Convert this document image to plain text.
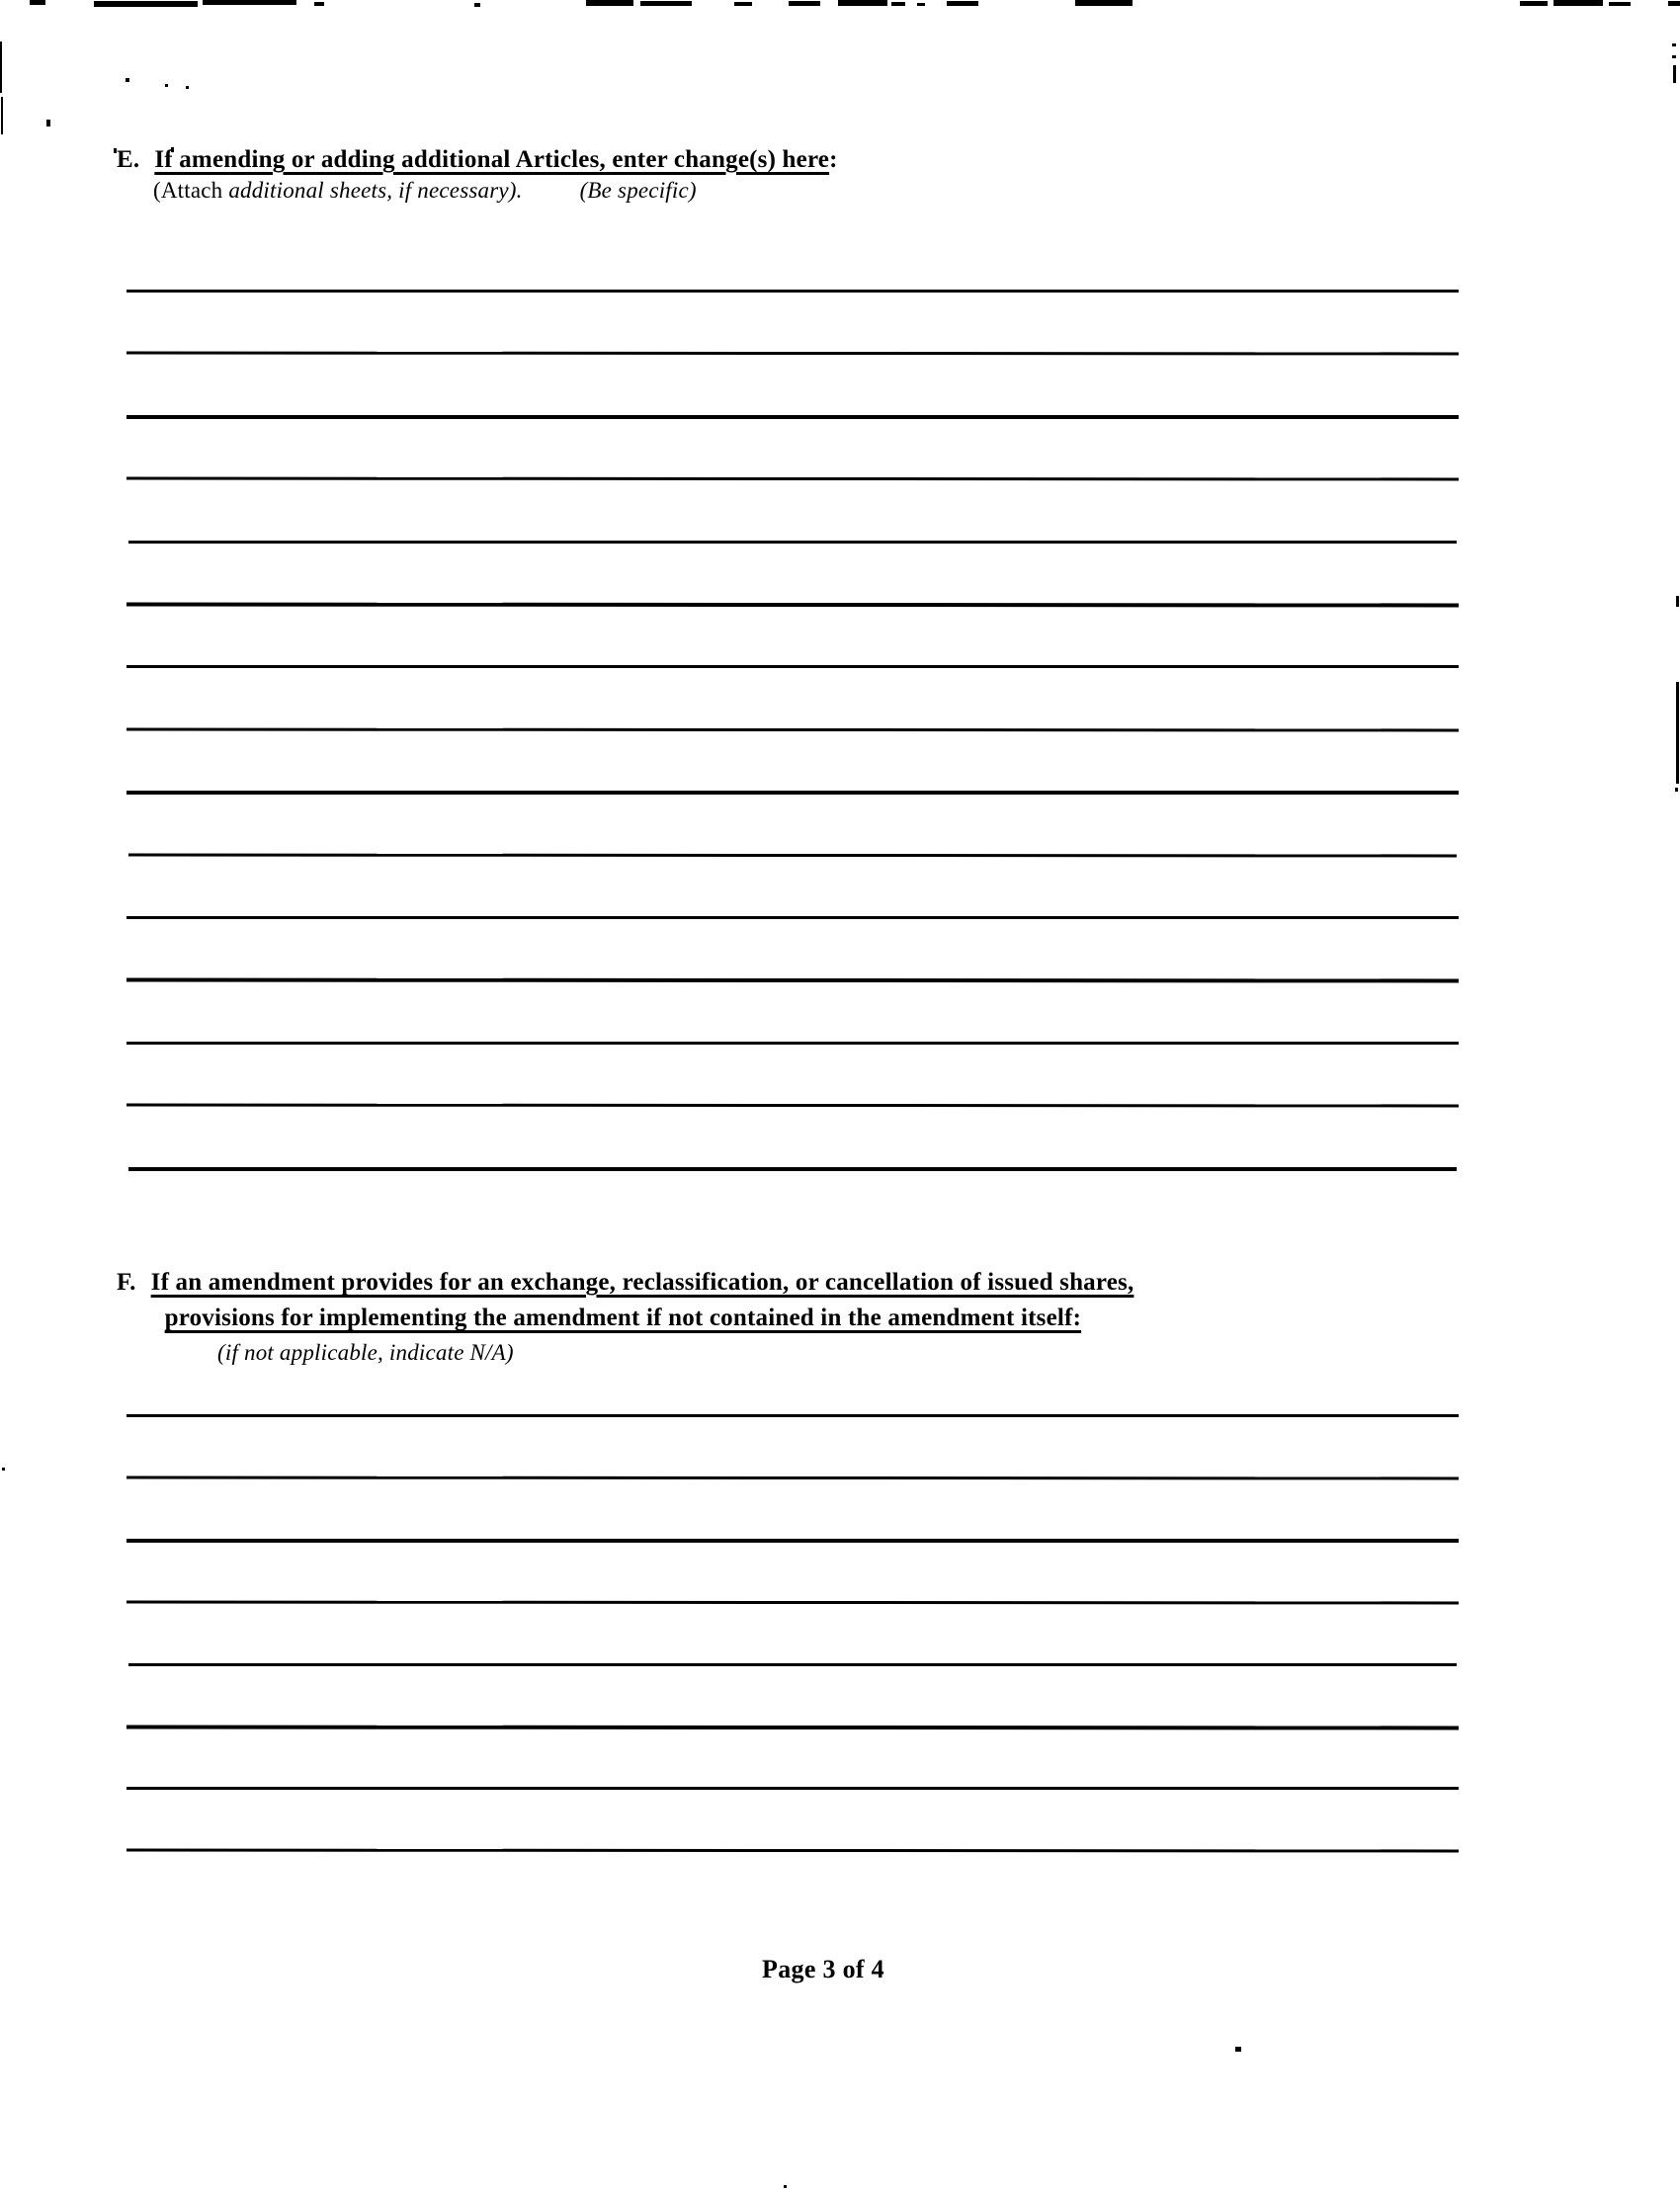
E. If amending or adding additional Articles, enter change(s) here:
(Attach additional sheets, if necessary).	(Be specific)
F. If an amendment provides for an exchange, reclassification, or cancellation of issued shares,
provisions for implementing the amendment if not contained in the amendment itself:
(if not applicable, indicate N/A)
Page 3 of 4
